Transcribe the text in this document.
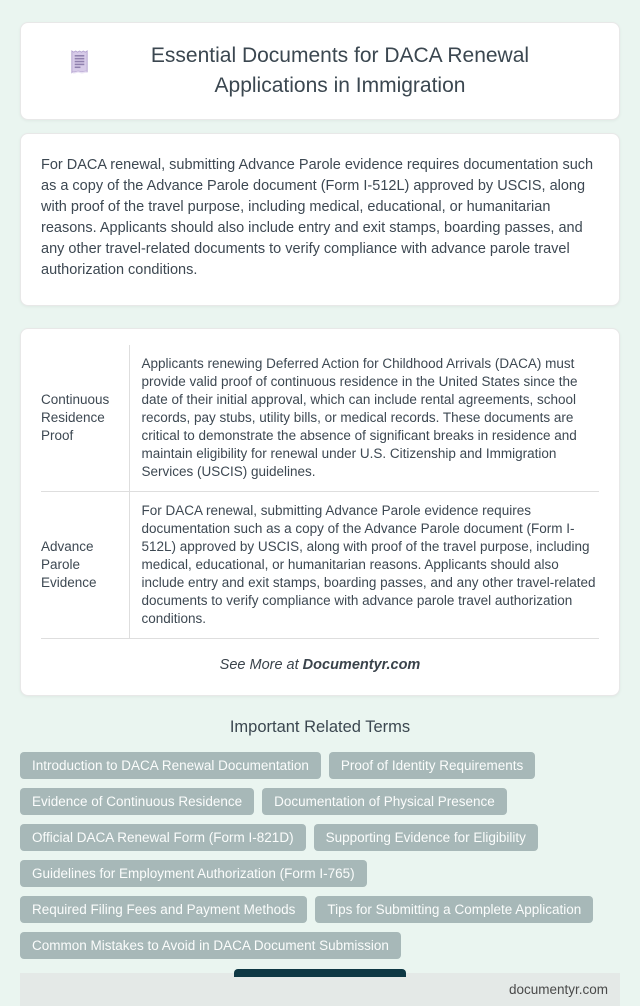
Essential Documents for DACA Renewal Applications in Immigration

For DACA renewal, submitting Advance Parole evidence requires documentation such as a copy of the Advance Parole document (Form I-512L) approved by USCIS, along with proof of the travel purpose, including medical, educational, or humanitarian reasons. Applicants should also include entry and exit stamps, boarding passes, and any other travel-related documents to verify compliance with advance parole travel authorization conditions.

Continuous Residence Proof	Applicants renewing Deferred Action for Childhood Arrivals (DACA) must provide valid proof of continuous residence in the United States since the date of their initial approval, which can include rental agreements, school records, pay stubs, utility bills, or medical records. These documents are critical to demonstrate the absence of significant breaks in residence and maintain eligibility for renewal under U.S. Citizenship and Immigration Services (USCIS) guidelines.
Advance Parole Evidence	For DACA renewal, submitting Advance Parole evidence requires documentation such as a copy of the Advance Parole document (Form I-512L) approved by USCIS, along with proof of the travel purpose, including medical, educational, or humanitarian reasons. Applicants should also include entry and exit stamps, boarding passes, and any other travel-related documents to verify compliance with advance parole travel authorization conditions.

See More at Documentyr.com

Important Related Terms
Introduction to DACA Renewal Documentation	Proof of Identity Requirements
Evidence of Continuous Residence	Documentation of Physical Presence
Official DACA Renewal Form (Form I-821D)	Supporting Evidence for Eligibility
Guidelines for Employment Authorization (Form I-765)
Required Filing Fees and Payment Methods	Tips for Submitting a Complete Application
Common Mistakes to Avoid in DACA Document Submission
documentyr.com
